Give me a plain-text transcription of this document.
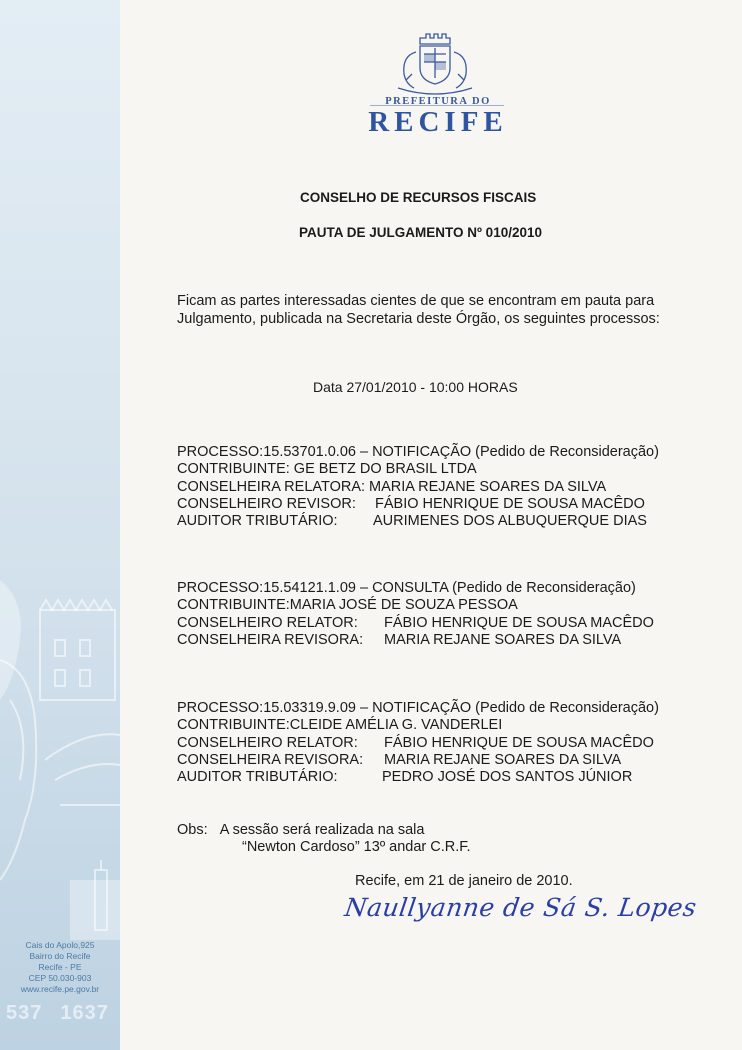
Cais do Apolo,925
Bairro do Recife
Recife - PE
CEP 50.030-903
www.recife.pe.gov.br
537 1637
PREFEITURA DO
RECIFE
CONSELHO DE RECURSOS FISCAIS
PAUTA DE JULGAMENTO Nº 010/2010
Ficam as partes interessadas cientes de que se encontram em pauta para
Julgamento, publicada na Secretaria deste Órgão, os seguintes processos:
Data 27/01/2010 - 10:00 HORAS
PROCESSO:15.53701.0.06 – NOTIFICAÇÃO (Pedido de Reconsideração)
CONTRIBUINTE: GE BETZ DO BRASIL LTDA
CONSELHEIRA RELATORA: MARIA REJANE SOARES DA SILVA
CONSELHEIRO REVISOR: FÁBIO HENRIQUE DE SOUSA MACÊDO
AUDITOR TRIBUTÁRIO: AURIMENES DOS ALBUQUERQUE DIAS
PROCESSO:15.54121.1.09 – CONSULTA (Pedido de Reconsideração)
CONTRIBUINTE:MARIA JOSÉ DE SOUZA PESSOA
CONSELHEIRO RELATOR: FÁBIO HENRIQUE DE SOUSA MACÊDO
CONSELHEIRA REVISORA: MARIA REJANE SOARES DA SILVA
PROCESSO:15.03319.9.09 – NOTIFICAÇÃO (Pedido de Reconsideração)
CONTRIBUINTE:CLEIDE AMÉLIA G. VANDERLEI
CONSELHEIRO RELATOR: FÁBIO HENRIQUE DE SOUSA MACÊDO
CONSELHEIRA REVISORA: MARIA REJANE SOARES DA SILVA
AUDITOR TRIBUTÁRIO:	PEDRO JOSÉ DOS SANTOS JÚNIOR
Obs: A sessão será realizada na sala
“Newton Cardoso” 13º andar C.R.F.
Recife, em 21 de janeiro de 2010.
Naullyanne de Sá S. Lopes
